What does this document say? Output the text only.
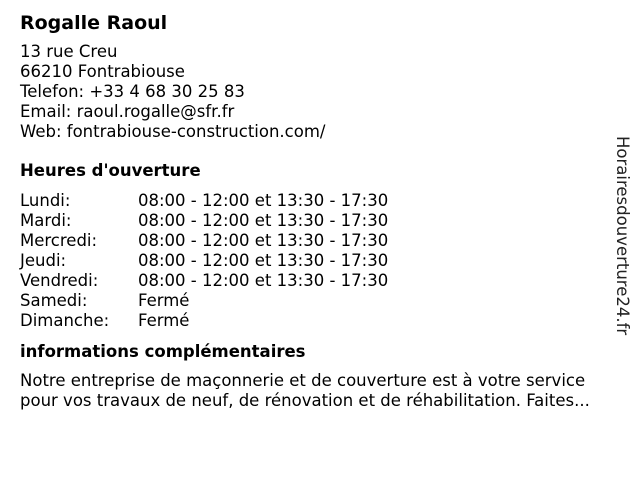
Rogalle Raoul
13 rue Creu
66210 Fontrabiouse
Telefon: +33 4 68 30 25 83
Email: raoul.rogalle@sfr.fr
Web: fontrabiouse-construction.com/
Heures d'ouverture
Lundi:	08:00 - 12:00 et 13:30 - 17:30
Mardi:	08:00 - 12:00 et 13:30 - 17:30
Mercredi:	08:00 - 12:00 et 13:30 - 17:30
Jeudi:	08:00 - 12:00 et 13:30 - 17:30
Vendredi:	08:00 - 12:00 et 13:30 - 17:30
Samedi:	Fermé
Dimanche:	Fermé
informations complémentaires
Notre entreprise de maçonnerie et de couverture est à votre service
pour vos travaux de neuf, de rénovation et de réhabilitation. Faites...
Horairesdouverture24.fr
